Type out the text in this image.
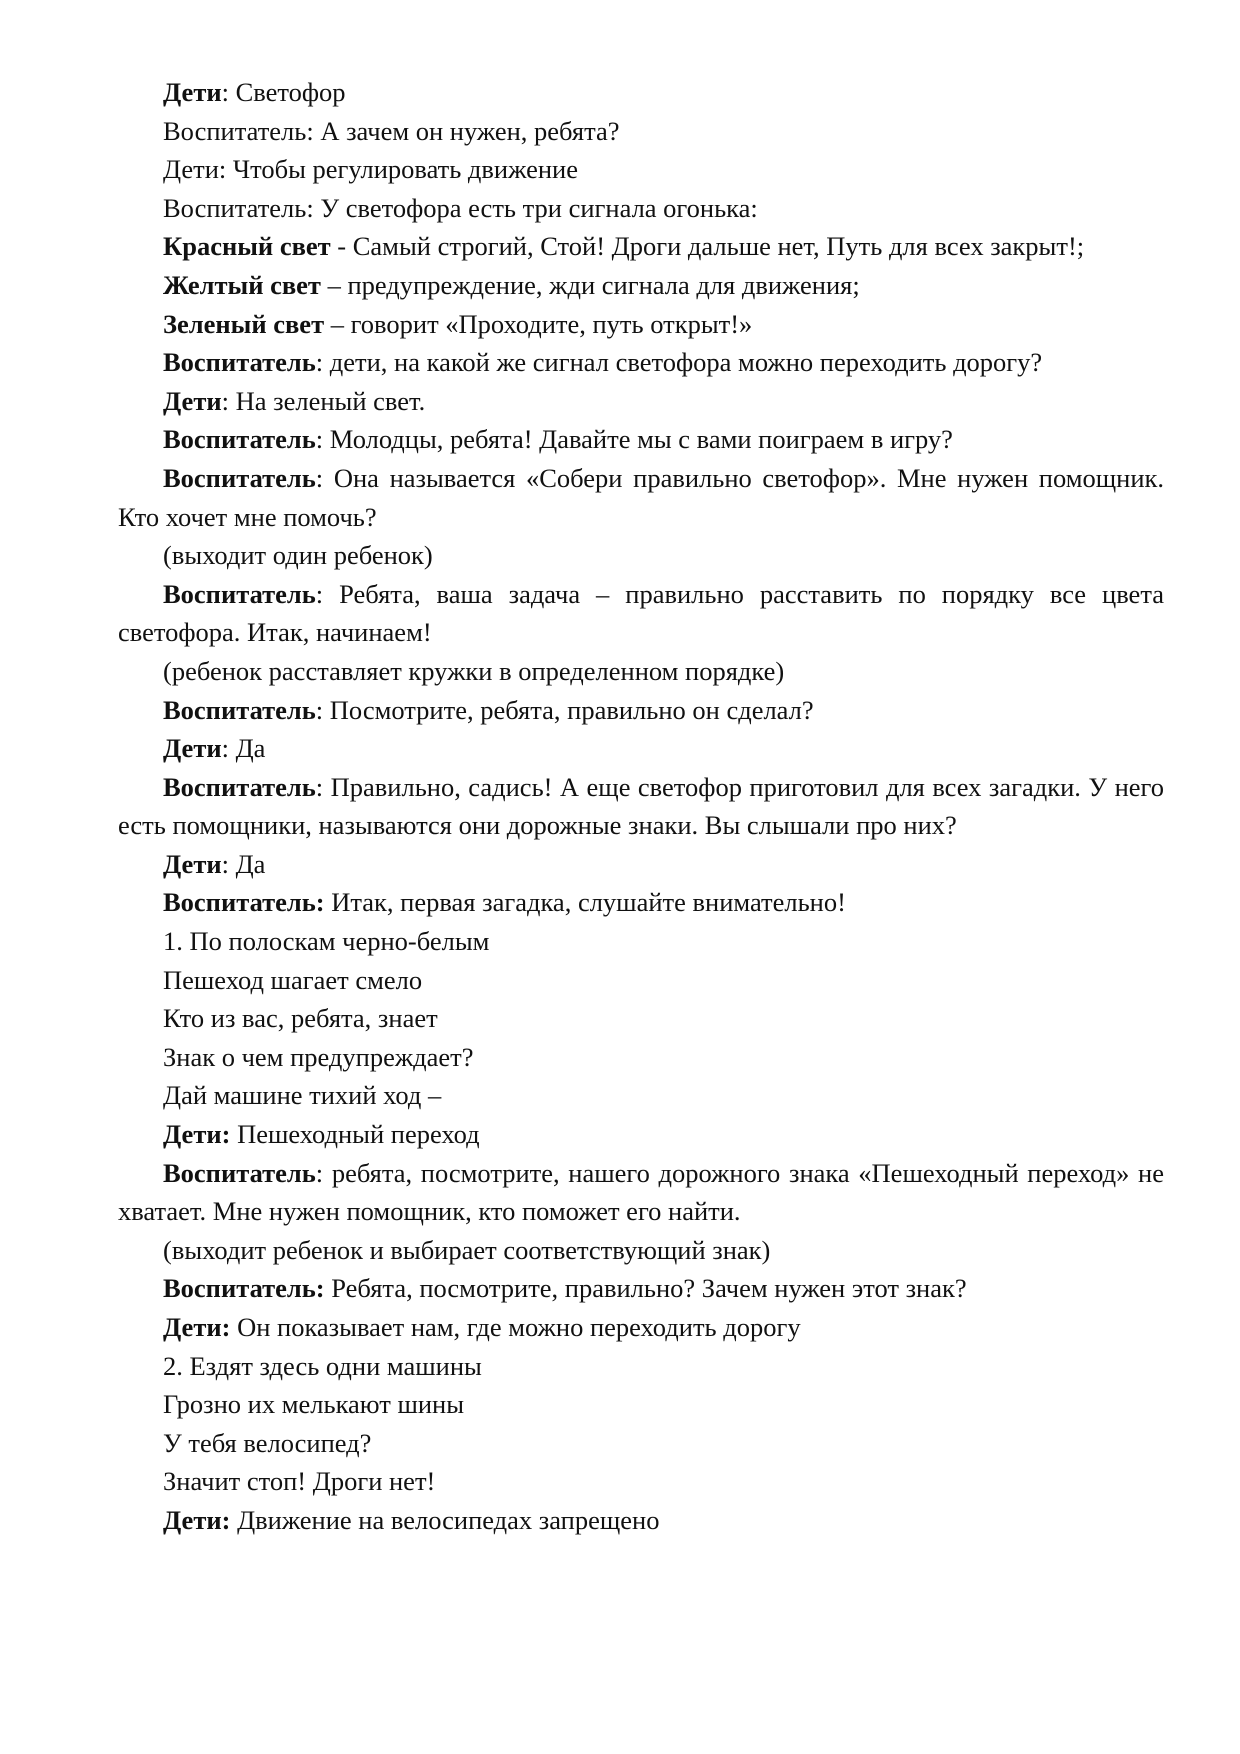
Дети: Светофор

Воспитатель: А зачем он нужен, ребята?

Дети: Чтобы регулировать движение

Воспитатель: У светофора есть три сигнала огонька:

Красный свет - Самый строгий, Стой! Дроги дальше нет, Путь для всех закрыт!;

Желтый свет – предупреждение, жди сигнала для движения;

Зеленый свет – говорит «Проходите, путь открыт!»

Воспитатель: дети, на какой же сигнал светофора можно переходить дорогу?

Дети: На зеленый свет.

Воспитатель: Молодцы, ребята! Давайте мы с вами поиграем в игру?

Воспитатель: Она называется «Собери правильно светофор». Мне нужен помощник. Кто хочет мне помочь?

(выходит один ребенок)

Воспитатель: Ребята, ваша задача – правильно расставить по порядку все цвета светофора. Итак, начинаем!

(ребенок расставляет кружки в определенном порядке)

Воспитатель: Посмотрите, ребята, правильно он сделал?

Дети: Да

Воспитатель: Правильно, садись! А еще светофор приготовил для всех загадки. У него есть помощники, называются они дорожные знаки. Вы слышали про них?

Дети: Да

Воспитатель: Итак, первая загадка, слушайте внимательно!

1. По полоскам черно-белым

Пешеход шагает смело

Кто из вас, ребята, знает

Знак о чем предупреждает?

Дай машине тихий ход –

Дети: Пешеходный переход

Воспитатель: ребята, посмотрите, нашего дорожного знака «Пешеходный переход» не хватает. Мне нужен помощник, кто поможет его найти.

(выходит ребенок и выбирает соответствующий знак)

Воспитатель: Ребята, посмотрите, правильно? Зачем нужен этот знак?

Дети: Он показывает нам, где можно переходить дорогу

2. Ездят здесь одни машины

Грозно их мелькают шины

У тебя велосипед?

Значит стоп! Дроги нет!

Дети: Движение на велосипедах запрещено
